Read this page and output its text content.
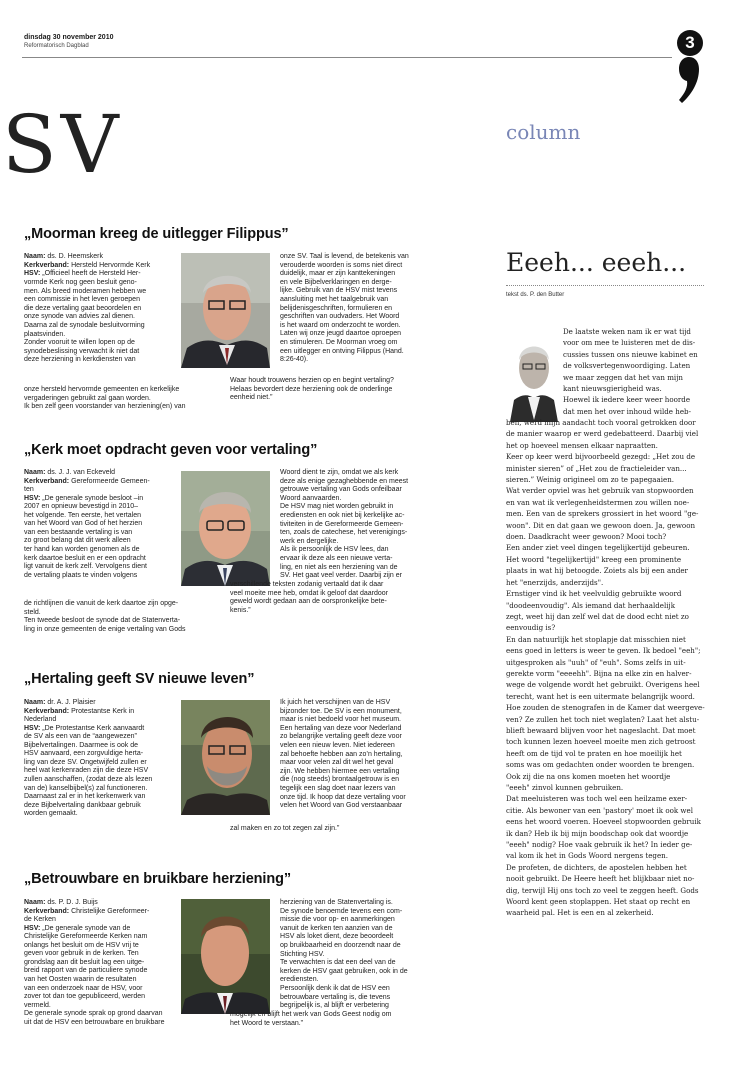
dinsdag 30 november 2010
Reformatorisch Dagblad	3
SV	column
„Moorman kreeg de uitlegger Filippus”
Naam: ds. D. Heemskerk
Kerkverband: Hersteld Hervormde Kerk
HSV: „Officieel heeft de Hersteld Her-
vormde Kerk nog geen besluit geno-
men. Als breed moderamen hebben we
een commissie in het leven geroepen
die deze vertaling gaat beoordelen en
onze synode van advies zal dienen.
Daarna zal de synodale besluitvorming
plaatsvinden.
Zonder vooruit te willen lopen op de
synodebeslissing verwacht ik niet dat
deze herziening in kerkdiensten van
onze hersteld hervormde gemeenten en kerkelijke
vergaderingen gebruikt zal gaan worden.
Ik ben zelf geen voorstander van herziening(en) van
onze SV. Taal is levend, de betekenis van
verouderde woorden is soms niet direct
duidelijk, maar er zijn kanttekeningen
en vele Bijbelverklaringen en derge-
lijke. Gebruik van de HSV mist tevens
aansluiting met het taalgebruik van
belijdenisgeschriften, formulieren en
geschriften van oudvaders. Het Woord
is het waard om onderzocht te worden.
Laten wij onze jeugd daartoe oproepen
en stimuleren. De Moorman vroeg om
een uitlegger en ontving Filippus (Hand.
8:26-40).
Waar houdt trouwens herzien op en begint vertaling?
Helaas bevordert deze herziening ook de onderlinge
eenheid niet.”
„Kerk moet opdracht geven voor vertaling”
Naam: ds. J. J. van Eckeveld
Kerkverband: Gereformeerde Gemeen-
ten
HSV: „De generale synode besloot –in
2007 en opnieuw bevestigd in 2010–
het volgende. Ten eerste, het vertalen
van het Woord van God of het herzien
van een bestaande vertaling is van
zo groot belang dat dit werk alleen
ter hand kan worden genomen als de
kerk daartoe besluit en er een opdracht
ligt vanuit de kerk zelf. Vervolgens dient
de vertaling plaats te vinden volgens
de richtlijnen die vanuit de kerk daartoe zijn opge-
steld.
Ten tweede besloot de synode dat de Statenverta-
ling in onze gemeenten de enige vertaling van Gods
Woord dient te zijn, omdat we als kerk
deze als enige gezaghebbende en meest
getrouwe vertaling van Gods onfeilbaar
Woord aanvaarden.
De HSV mag niet worden gebruikt in
erediensten en ook niet bij kerkelijke ac-
tiviteiten in de Gereformeerde Gemeen-
ten, zoals de catechese, het verenigings-
werk en dergelijke.
Als ik persoonlijk de HSV lees, dan
ervaar ik deze als een nieuwe verta-
ling, en niet als een herziening van de
SV. Het gaat veel verder. Daarbij zijn er
verschillende teksten zodanig vertaald dat ik daar
veel moeite mee heb, omdat ik geloof dat daardoor
geweld wordt gedaan aan de oorspronkelijke bete-
kenis.”
„Hertaling geeft SV nieuwe leven”
Naam: dr. A. J. Plaisier
Kerkverband: Protestantse Kerk in
Nederland
HSV: „De Protestantse Kerk aanvaardt
de SV als een van de “aangewezen”
Bijbelvertalingen. Daarmee is ook de
HSV aanvaard, een zorgvuldige herta-
ling van deze SV. Ongetwijfeld zullen er
heel wat kerkenraden zijn die deze HSV
zullen aanschaffen, (zodat deze als lezen
van de) kanselbijbel(s) zal functioneren.
Daarnaast zal er in het kerkenwerk van
deze Bijbelvertaling dankbaar gebruik
worden gemaakt.
Ik juich het verschijnen van de HSV
bijzonder toe. De SV is een monument,
maar is niet bedoeld voor het museum.
Een hertaling van deze voor Nederland
zo belangrijke vertaling geeft deze voor
velen een nieuw leven. Niet iedereen
zal behoefte hebben aan zo’n hertaling,
maar voor velen zal dit wel het geval
zijn. We hebben hiermee een vertaling
die (nog steeds) brontaalgetrouw is en
tegelijk een slag doet naar lezers van
onze tijd. Ik hoop dat deze vertaling voor
velen het Woord van God verstaanbaar
zal maken en zo tot zegen zal zijn.”
„Betrouwbare en bruikbare herziening”
Naam: ds. P. D. J. Buijs
Kerkverband: Christelijke Gereformeer-
de Kerken
HSV: „De generale synode van de
Christelijke Gereformeerde Kerken nam
onlangs het besluit om de HSV vrij te
geven voor gebruik in de kerken. Ten
grondslag aan dit besluit lag een uitge-
breid rapport van de particuliere synode
van het Oosten waarin de resultaten
van een onderzoek naar de HSV, voor
zover tot dan toe gepubliceerd, werden
vermeld.
De generale synode sprak op grond daarvan
uit dat de HSV een betrouwbare en bruikbare
herziening van de Statenvertaling is.
De synode benoemde tevens een com-
missie die voor op- en aanmerkingen
vanuit de kerken ten aanzien van de
HSV als loket dient, deze beoordeelt
op bruikbaarheid en doorzendt naar de
Stichting HSV.
Te verwachten is dat een deel van de
kerken de HSV gaat gebruiken, ook in de
erediensten.
Persoonlijk denk ik dat de HSV een
betrouwbare vertaling is, die tevens
begrijpelijk is, al blijft er verbetering
mogelijk en blijft het werk van Gods Geest nodig om
het Woord te verstaan.”
Eeeh... eeeh...
tekst ds. P. den Butter
De laatste weken nam ik er wat tijd
voor om mee te luisteren met de dis-
cussies tussen ons nieuwe kabinet en
de volksvertegenwoordiging. Laten
we maar zeggen dat het van mijn
kant nieuwsgierigheid was.
Hoewel ik iedere keer weer hoorde
dat men het over inhoud wilde heb-
ben, werd mijn aandacht toch vooral getrokken door
de manier waarop er werd gedebatteerd. Daarbij viel
het op hoeveel mensen elkaar napraatten.
Keer op keer werd bijvoorbeeld gezegd: „Het zou de
minister sieren” of „Het zou de fractieleider van...
sieren.” Weinig origineel om zo te papegaaien.
Wat verder opviel was het gebruik van stopwoorden
en van wat ik verlegenheidstermen zou willen noe-
men. Een van de sprekers grossiert in het woord "ge-
woon". Dit en dat gaan we gewoon doen. Ja, gewoon
doen. Daadkracht weer gewoon? Mooi toch?
Een ander ziet veel dingen tegelijkertijd gebeuren.
Het woord "tegelijkertijd" kreeg een prominente
plaats in wat hij betoogde. Zoiets als bij een ander
het "enerzijds, anderzijds".
Ernstiger vind ik het veelvuldig gebruikte woord
"doodeenvoudig". Als iemand dat herhaaldelijk
zegt, weet hij dan zelf wel dat de dood echt niet zo
eenvoudig is?
En dan natuurlijk het stoplapje dat misschien niet
eens goed in letters is weer te geven. Ik bedoel "eeh";
uitgesproken als "uuh" of "euh". Soms zelfs in uit-
gerekte vorm "eeeehh". Bijna na elke zin en halver-
wege de volgende wordt het gebruikt. Overigens heel
terecht, want het is een uitermate belangrijk woord.
Hoe zouden de stenografen in de Kamer dat weergeve-
ven? Ze zullen het toch niet weglaten? Laat het alstu-
blieft bewaard blijven voor het nageslacht. Dat moet
toch kunnen lezen hoeveel moeite men zich getroost
heeft om de tijd vol te praten en hoe moeilijk het
soms was om gedachten onder woorden te brengen.
Ook zij die na ons komen moeten het woordje
"eeeh" zinvol kunnen gebruiken.
Dat meeluisteren was toch wel een heilzame exer-
citie. Als bewoner van een 'pastory' moet ik ook wel
eens het woord voeren. Hoeveel stopwoorden gebruik
ik dan? Heb ik bij mijn boodschap ook dat woordje
"eeeh" nodig? Hoe vaak gebruik ik het? In ieder ge-
val kom ik het in Gods Woord nergens tegen.
De profeten, de dichters, de apostelen hebben het
nooit gebruikt. De Heere heeft het blijkbaar niet no-
dig, terwijl Hij ons toch zo veel te zeggen heeft. Gods
Woord kent geen stoplappen. Het staat op recht en
waarheid pal. Het is een en al zekerheid.
